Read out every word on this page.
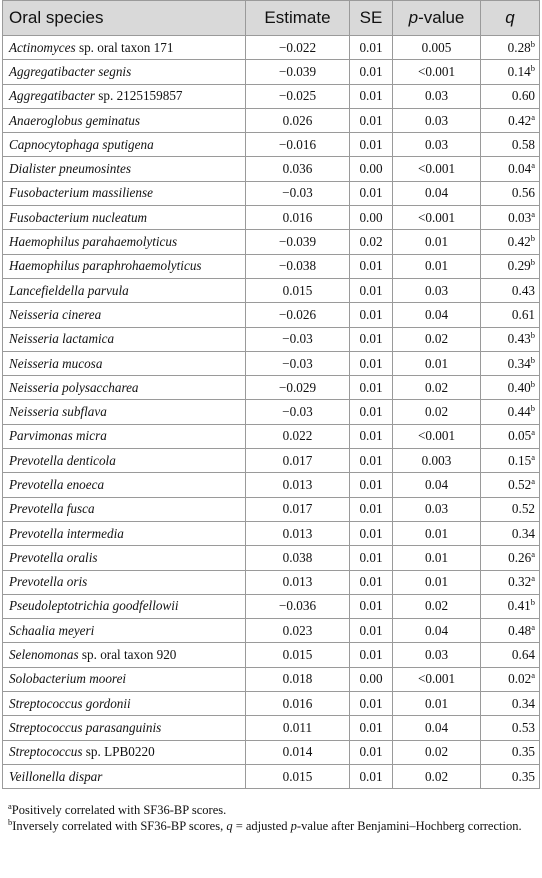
Oral species	Estimate	SE	p-value	q
Actinomyces sp. oral taxon 171	−0.022	0.01	0.005	0.28$^b$
Aggregatibacter segnis	−0.039	0.01	<0.001	0.14$^b$
Aggregatibacter sp. 2125159857	−0.025	0.01	0.03	0.60
Anaeroglobus geminatus	0.026	0.01	0.03	0.42$^a$
Capnocytophaga sputigena	−0.016	0.01	0.03	0.58
Dialister pneumosintes	0.036	0.00	<0.001	0.04$^a$
Fusobacterium massiliense	−0.03	0.01	0.04	0.56
Fusobacterium nucleatum	0.016	0.00	<0.001	0.03$^a$
Haemophilus parahaemolyticus	−0.039	0.02	0.01	0.42$^b$
Haemophilus paraphrohaemolyticus	−0.038	0.01	0.01	0.29$^b$
Lancefieldella parvula	0.015	0.01	0.03	0.43
Neisseria cinerea	−0.026	0.01	0.04	0.61
Neisseria lactamica	−0.03	0.01	0.02	0.43$^b$
Neisseria mucosa	−0.03	0.01	0.01	0.34$^b$
Neisseria polysaccharea	−0.029	0.01	0.02	0.40$^b$
Neisseria subflava	−0.03	0.01	0.02	0.44$^b$
Parvimonas micra	0.022	0.01	<0.001	0.05$^a$
Prevotella denticola	0.017	0.01	0.003	0.15$^a$
Prevotella enoeca	0.013	0.01	0.04	0.52$^a$
Prevotella fusca	0.017	0.01	0.03	0.52
Prevotella intermedia	0.013	0.01	0.01	0.34
Prevotella oralis	0.038	0.01	0.01	0.26$^a$
Prevotella oris	0.013	0.01	0.01	0.32$^a$
Pseudoleptotrichia goodfellowii	−0.036	0.01	0.02	0.41$^b$
Schaalia meyeri	0.023	0.01	0.04	0.48$^a$
Selenomonas sp. oral taxon 920	0.015	0.01	0.03	0.64
Solobacterium moorei	0.018	0.00	<0.001	0.02$^a$
Streptococcus gordonii	0.016	0.01	0.01	0.34
Streptococcus parasanguinis	0.011	0.01	0.04	0.53
Streptococcus sp. LPB0220	0.014	0.01	0.02	0.35
Veillonella dispar	0.015	0.01	0.02	0.35

$^a$Positively correlated with SF36-BP scores.

$^b$Inversely correlated with SF36-BP scores, q = adjusted p-value after Benjamini–Hochberg correction.
